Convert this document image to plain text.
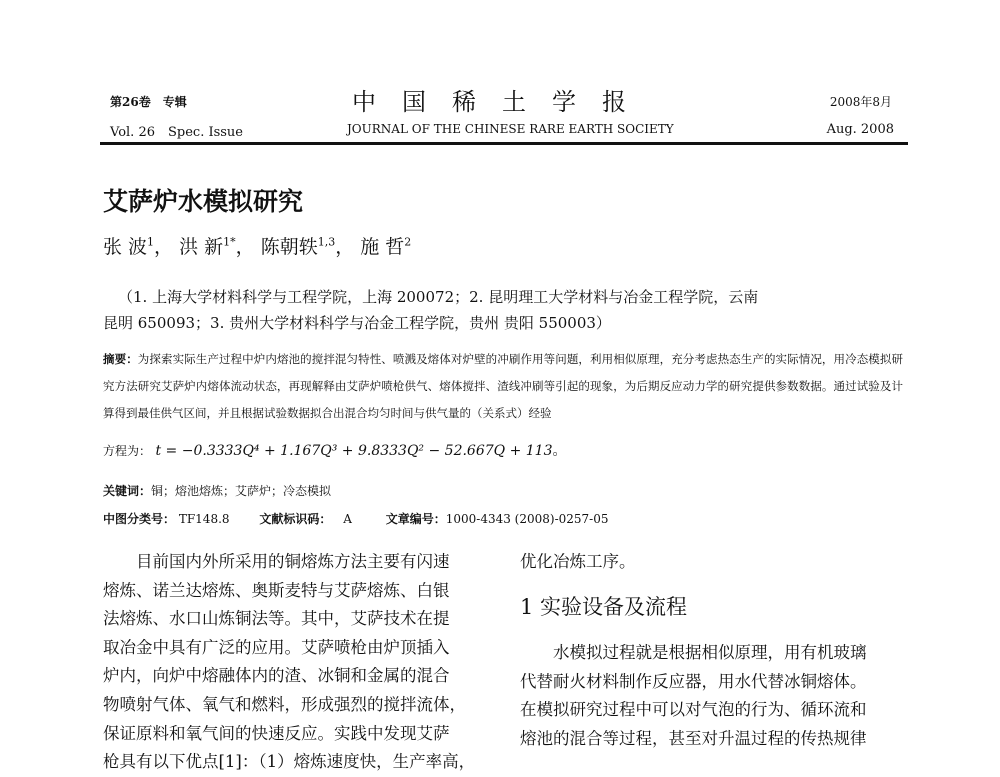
第26卷　专辑	中国稀土学报	2008年8月
Vol. 26　Spec. Issue	JOURNAL OF THE CHINESE RARE EARTH SOCIETY	Aug. 2008
艾萨炉水模拟研究
张 波$^1$， 洪 新$^{1*}$， 陈朝轶$^{1,3}$， 施 哲$^2$
（1. 上海大学材料科学与工程学院，上海 200072；2. 昆明理工大学材料与冶金工程学院，云南
昆明 650093；3. 贵州大学材料科学与冶金工程学院，贵州 贵阳 550003）
摘要：为探索实际生产过程中炉内熔池的搅拌混匀特性、喷溅及熔体对炉壁的冲刷作用等问题，利用相似原理，充分考虑热态生产的实际情况，用冷态模拟研究方法研究艾萨炉内熔体流动状态，再现解释由艾萨炉喷枪供气、熔体搅拌、渣线冲刷等引起的现象，为后期反应动力学的研究提供参数数据。通过试验及计算得到最佳供气区间，并且根据试验数据拟合出混合均匀时间与供气量的（关系式）经验
方程为： t = −0.3333Q⁴ + 1.167Q³ + 9.8333Q² − 52.667Q + 113。
关键词：铜；熔池熔炼；艾萨炉；冷态模拟
中图分类号： TF148.8 文献标识码： A	文章编号：1000-4343 (2008)-0257-05

目前国内外所采用的铜熔炼方法主要有闪速

熔炼、诺兰达熔炼、奥斯麦特与艾萨熔炼、白银

法熔炼、水口山炼铜法等。其中，艾萨技术在提

取冶金中具有广泛的应用。艾萨喷枪由炉顶插入

炉内，向炉中熔融体内的渣、冰铜和金属的混合

物喷射气体、氧气和燃料，形成强烈的搅拌流体，

保证原料和氧气间的快速反应。实践中发现艾萨

枪具有以下优点[1]：（1）熔炼速度快，生产率高，

优化冶炼工序。

1 实验设备及流程

水模拟过程就是根据相似原理，用有机玻璃

代替耐火材料制作反应器，用水代替冰铜熔体。

在模拟研究过程中可以对气泡的行为、循环流和

熔池的混合等过程，甚至对升温过程的传热规律
